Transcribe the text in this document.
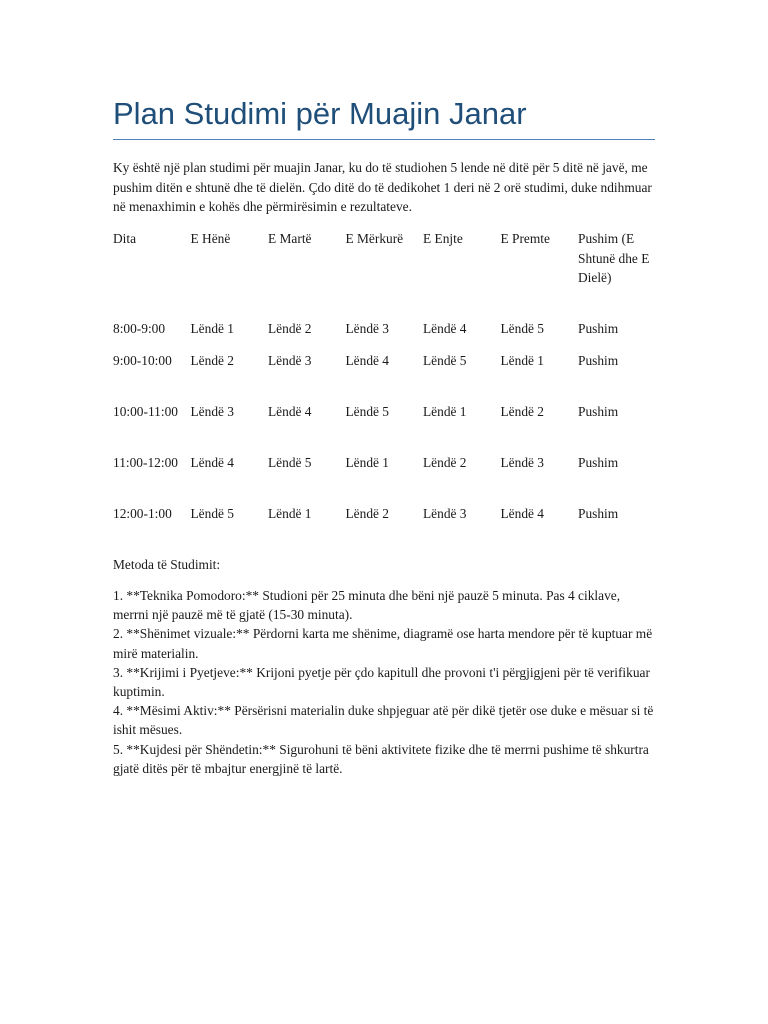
Plan Studimi për Muajin Janar

Ky është një plan studimi për muajin Janar, ku do të studiohen 5 lende në ditë për 5 ditë në javë, me pushim ditën e shtunë dhe të dielën. Çdo ditë do të dedikohet 1 deri në 2 orë studimi, duke ndihmuar në menaxhimin e kohës dhe përmirësimin e rezultateve.

Dita	E Hënë	E Martë	E Mërkurë	E Enjte	E Premte	Pushim (E Shtunë dhe E Dielë)
8:00-9:00	Lëndë 1	Lëndë 2	Lëndë 3	Lëndë 4	Lëndë 5	Pushim
9:00-10:00	Lëndë 2	Lëndë 3	Lëndë 4	Lëndë 5	Lëndë 1	Pushim
10:00-11:00	Lëndë 3	Lëndë 4	Lëndë 5	Lëndë 1	Lëndë 2	Pushim
11:00-12:00	Lëndë 4	Lëndë 5	Lëndë 1	Lëndë 2	Lëndë 3	Pushim
12:00-1:00	Lëndë 5	Lëndë 1	Lëndë 2	Lëndë 3	Lëndë 4	Pushim

Metoda të Studimit:

1. **Teknika Pomodoro:** Studioni për 25 minuta dhe bëni një pauzë 5 minuta. Pas 4 ciklave, merrni një pauzë më të gjatë (15-30 minuta).
2. **Shënimet vizuale:** Përdorni karta me shënime, diagramë ose harta mendore për të kuptuar më mirë materialin.
3. **Krijimi i Pyetjeve:** Krijoni pyetje për çdo kapitull dhe provoni t'i përgjigjeni për të verifikuar kuptimin.
4. **Mësimi Aktiv:** Përsërisni materialin duke shpjeguar atë për dikë tjetër ose duke e mësuar si të ishit mësues.
5. **Kujdesi për Shëndetin:** Sigurohuni të bëni aktivitete fizike dhe të merrni pushime të shkurtra gjatë ditës për të mbajtur energjinë të lartë.
